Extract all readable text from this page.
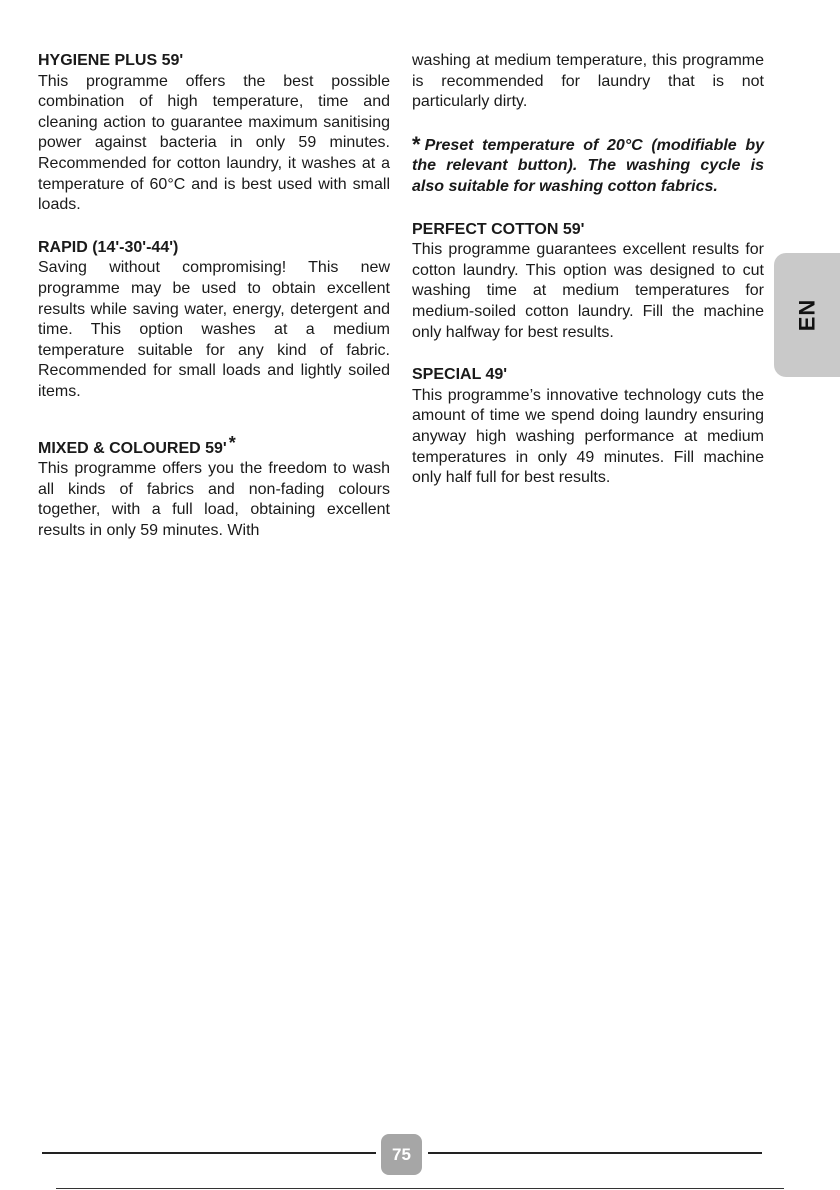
HYGIENE PLUS 59'

This programme offers the best possible combination of high temperature, time and cleaning action to guarantee maximum sanitising power against bacteria in only 59 minutes. Recommended for cotton laundry, it washes at a temperature of 60°C and is best used with small loads.

RAPID (14'-30'-44')

Saving without compromising! This new programme may be used to obtain excellent results while saving water, energy, detergent and time. This option washes at a medium temperature suitable for any kind of fabric. Recommended for small loads and lightly soiled items.

MIXED & COLOURED 59' *

This programme offers you the freedom to wash all kinds of fabrics and non-fading colours together, with a full load, obtaining excellent results in only 59 minutes. With

washing at medium temperature, this programme is recommended for laundry that is not particularly dirty.

* Preset temperature of 20°C (modifiable by the relevant button). The washing cycle is also suitable for washing cotton fabrics.

PERFECT COTTON 59'

This programme guarantees excellent results for cotton laundry. This option was designed to cut washing time at medium temperatures for medium-soiled cotton laundry. Fill the machine only halfway for best results.

SPECIAL 49'

This programme’s innovative technology cuts the amount of time we spend doing laundry ensuring anyway high washing performance at medium temperatures in only 49 minutes. Fill machine only half full for best results.

EN
75
